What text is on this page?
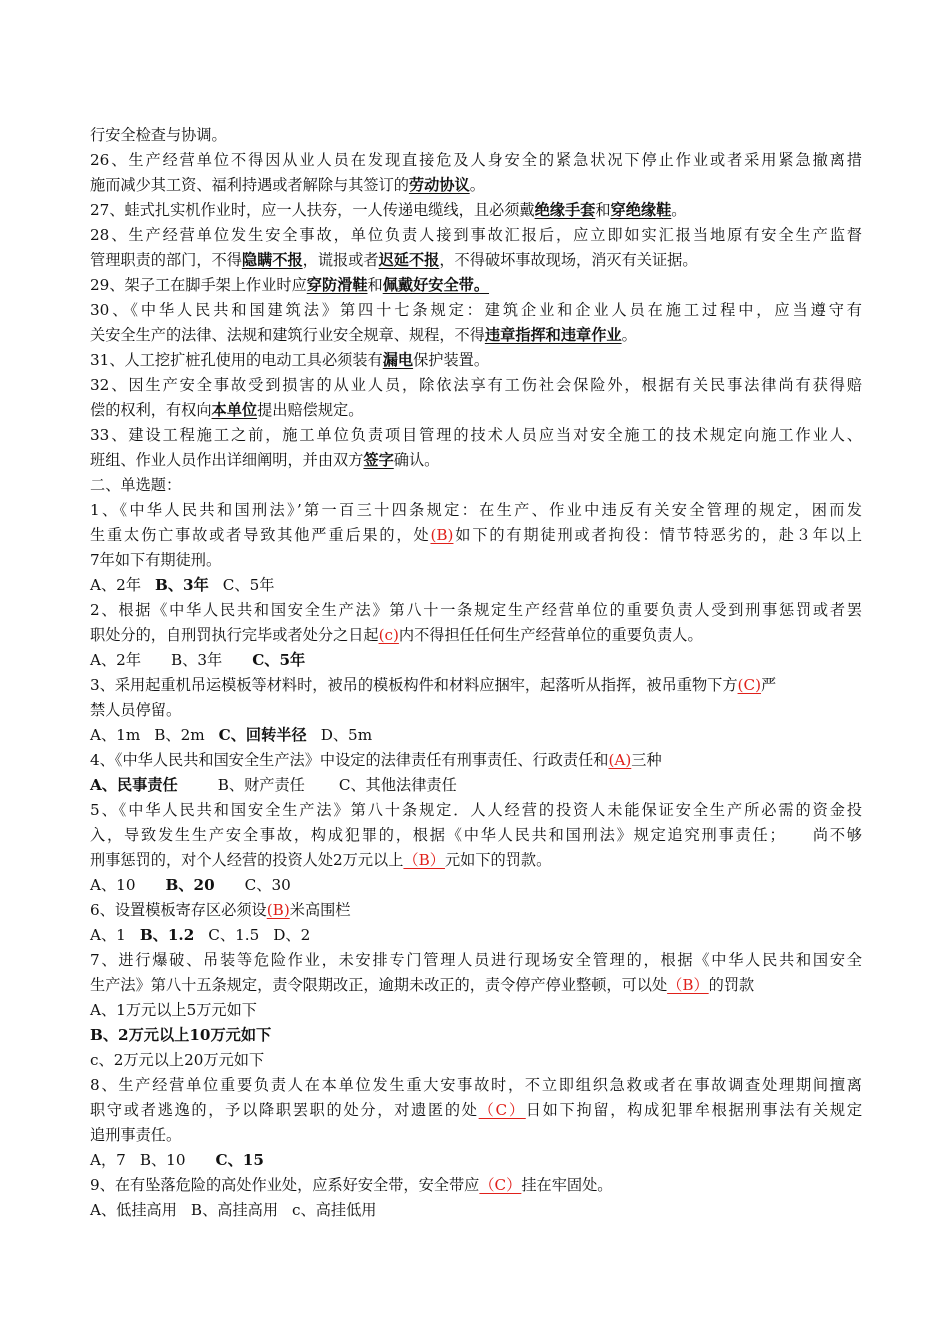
行安全检查与协调。
26、生产经营单位不得因从业人员在发现直接危及人身安全的紧急状况下停止作业或者采用紧急撤离措
施而减少其工资、福利持遇或者解除与其签订的劳动协议。
27、蛙式扎实机作业时，应一人扶夯，一人传递电缆线，且必须戴绝缘手套和穿绝缘鞋。
28、生产经营单位发生安全事故，单位负责人接到事故汇报后，应立即如实汇报当地原有安全生产监督
管理职责的部门，不得隐瞒不报，谎报或者迟延不报，不得破坏事故现场，消灭有关证据。
29、架子工在脚手架上作业时应穿防滑鞋和佩戴好安全带。
30、《中华人民共和国建筑法》第四十七条规定：建筑企业和企业人员在施工过程中，应当遵守有
关安全生产的法律、法规和建筑行业安全规章、规程，不得违章指挥和违章作业。
31、人工挖扩桩孔使用的电动工具必须装有漏电保护装置。
32、因生产安全事故受到损害的从业人员，除依法享有工伤社会保险外，根据有关民事法律尚有获得赔
偿的权利，有权向本单位提出赔偿规定。
33、建设工程施工之前，施工单位负责项目管理的技术人员应当对安全施工的技术规定向施工作业人、
班组、作业人员作出详细阐明，并由双方签字确认。
二、单选题：
1、《中华人民共和国刑法》’第一百三十四条规定：在生产、作业中违反有关安全管理的规定，困而发
生重太伤亡事故或者导致其他严重后果的，处(B)如下的有期徒刑或者拘役：情节特恶劣的，赴３年以上
7年如下有期徒刑。
A、2年 B、3年 C、5年
2、根据《中华人民共和国安全生产法》第八十一条规定生产经营单位的重要负责人受到刑事惩罚或者罢
职处分的，自刑罚执行完毕或者处分之日起(c)内不得担任任何生产经营单位的重要负责人。
A、2年 B、3年 C、5年
3、采用起重机吊运模板等材料时，被吊的模板构件和材料应捆牢，起落听从指挥，被吊重物下方(C)严
禁人员停留。
A、1m B、2m C、回转半径 D、5m
4、《中华人民共和国安全生产法》中设定的法律责任有刑事责任、行政责任和(A)三种
A、民事责任	B、财产责任 C、其他法律责任
5、《中华人民共和国安全生产法》第八十条规定．人人经营的投资人未能保证安全生产所必需的资金投
入，导致发生生产安全事故，构成犯罪的，根据《中华人民共和国刑法》规定追究刑事责任；　　尚不够
刑事惩罚的，对个人经营的投资人处2万元以上（B）元如下的罚款。
A、10 B、20 C、30
6、设置模板寄存区必须设(B)米高围栏
A、1 B、1.2 C、1.5 D、2
7、进行爆破、吊装等危险作业，未安排专门管理人员进行现场安全管理的，根据《中华人民共和国安全
生产法》第八十五条规定，责令限期改正，逾期未改正的，责令停产停业整顿，可以处（B）的罚款
A、1万元以上5万元如下
B、2万元以上10万元如下
c、2万元以上20万元如下
8、生产经营单位重要负责人在本单位发生重大安事故时，不立即组织急救或者在事故调查处理期间擅离
职守或者逃逸的，予以降职罢职的处分，对遗匿的处（C）日如下拘留，构成犯罪牟根据刑事法有关规定
追刑事责任。
A，7 B、10 C、15
9、在有坠落危险的高处作业处，应系好安全带，安全带应（C）挂在牢固处。
A、低挂高用 B、高挂高用 c、高挂低用
